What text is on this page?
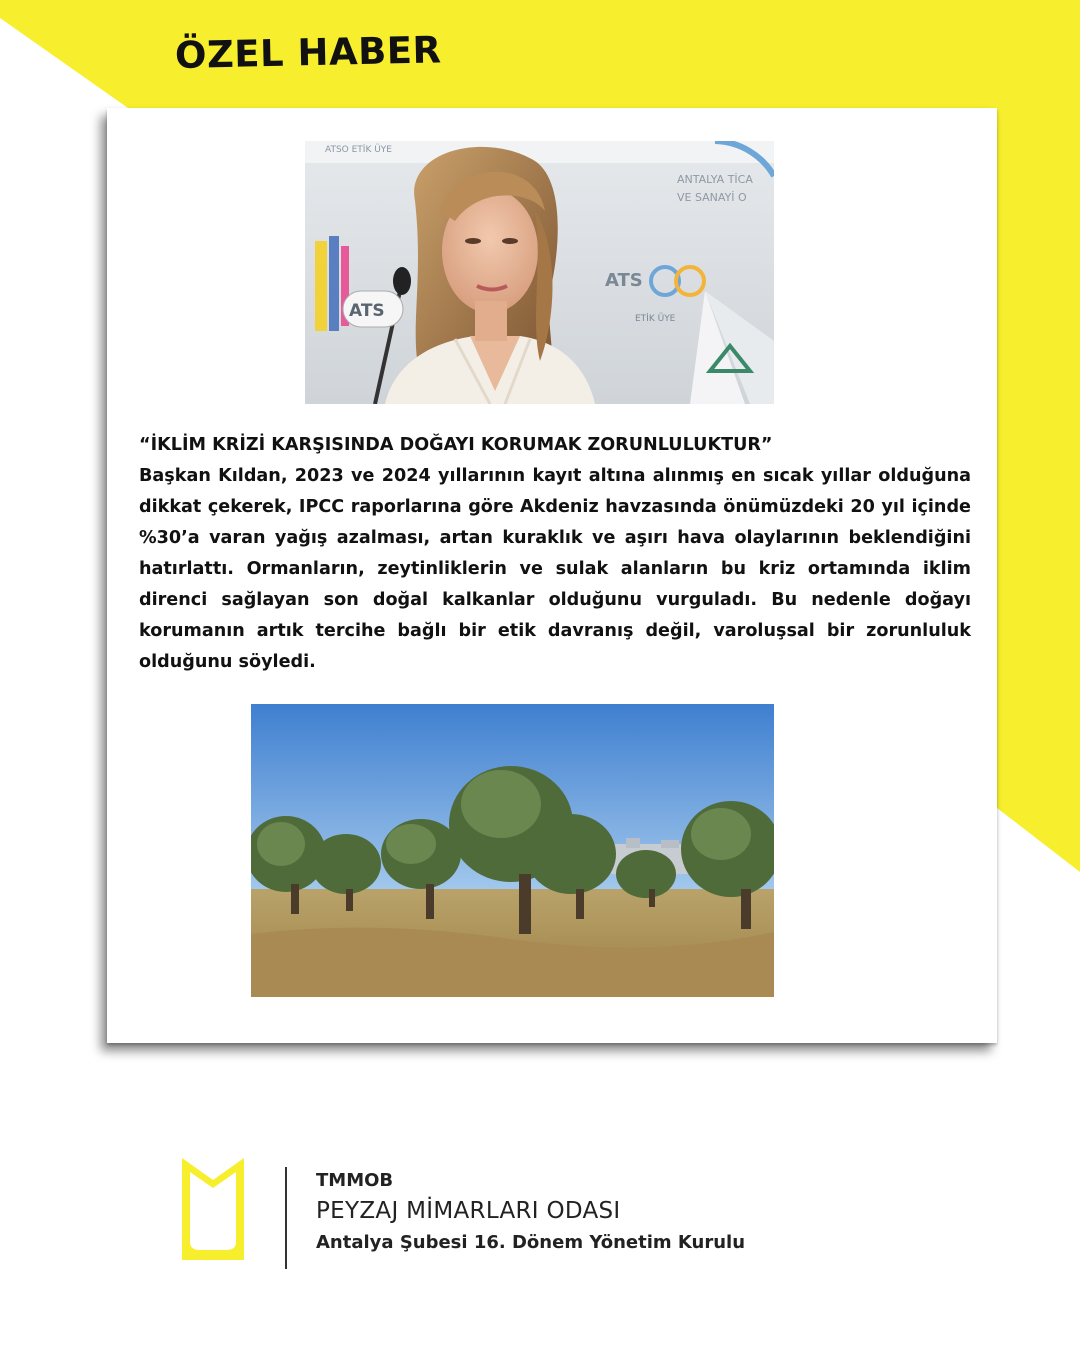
ÖZEL HABER
ATSO ETİK ÜYE
ANTALYA TİCA
VE SANAYİ O
ATS
ETİK ÜYE
ATS
“İKLİM KRİZİ KARŞISINDA DOĞAYI KORUMAK ZORUNLULUKTUR”
Başkan Kıldan, 2023 ve 2024 yıllarının kayıt altına alınmış en sıcak yıllar olduğuna dikkat çekerek, IPCC raporlarına göre Akdeniz havzasında önümüzdeki 20 yıl içinde %30’a varan yağış azalması, artan kuraklık ve aşırı hava olaylarının beklendiğini hatırlattı. Ormanların, zeytinliklerin ve sulak alanların bu kriz ortamında iklim direnci sağlayan son doğal kalkanlar olduğunu vurguladı. Bu nedenle doğayı korumanın artık tercihe bağlı bir etik davranış değil, varoluşsal bir zorunluluk olduğunu söyledi.
TMMOB
PEYZAJ MİMARLARI ODASI
Antalya Şubesi 16. Dönem Yönetim Kurulu
